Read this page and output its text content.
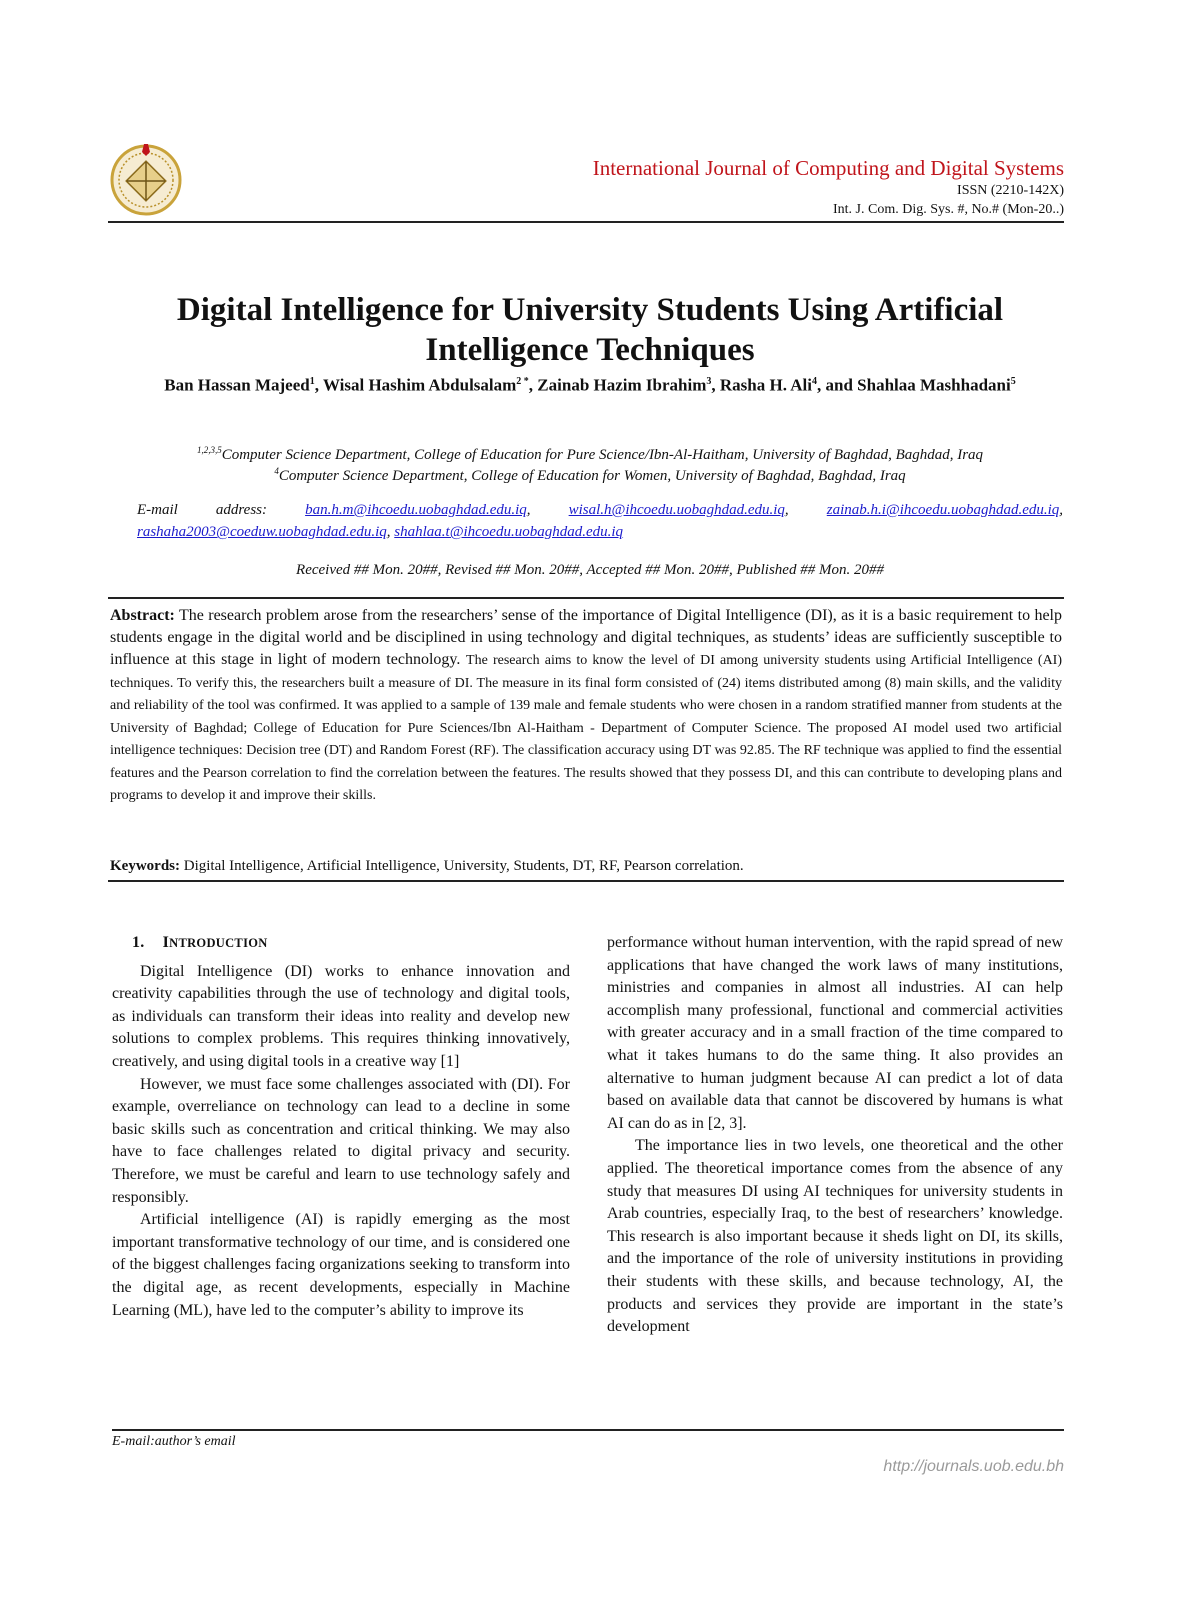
International Journal of Computing and Digital Systems
ISSN (2210-142X)
Int. J. Com. Dig. Sys. #, No.# (Mon-20..)
Digital Intelligence for University Students Using Artificial
Intelligence Techniques
Ban Hassan Majeed$^1$, Wisal Hashim Abdulsalam$^{2 *}$, Zainab Hazim Ibrahim$^3$, Rasha H. Ali$^4$, and Shahlaa Mashhadani$^5$
$^{1,2,3,5}$Computer Science Department, College of Education for Pure Science/Ibn-Al-Haitham, University of Baghdad, Baghdad, Iraq
$^4$Computer Science Department, College of Education for Women, University of Baghdad, Baghdad, Iraq
E-mail address:	ban.h.m@ihcoedu.uobaghdad.edu.iq, wisal.h@ihcoedu.uobaghdad.edu.iq, zainab.h.i@ihcoedu.uobaghdad.edu.iq, rashaha2003@coeduw.uobaghdad.edu.iq, shahlaa.t@ihcoedu.uobaghdad.edu.iq
Received ## Mon. 20##, Revised ## Mon. 20##, Accepted ## Mon. 20##, Published ## Mon. 20##
Abstract: The research problem arose from the researchers’ sense of the importance of Digital Intelligence (DI), as it is a basic requirement to help students engage in the digital world and be disciplined in using technology and digital techniques, as students’ ideas are sufficiently susceptible to influence at this stage in light of modern technology. The research aims to know the level of DI among university students using Artificial Intelligence (AI) techniques. To verify this, the researchers built a measure of DI. The measure in its final form consisted of (24) items distributed among (8) main skills, and the validity and reliability of the tool was confirmed. It was applied to a sample of 139 male and female students who were chosen in a random stratified manner from students at the University of Baghdad; College of Education for Pure Sciences/Ibn Al-Haitham - Department of Computer Science. The proposed AI model used two artificial intelligence techniques: Decision tree (DT) and Random Forest (RF). The classification accuracy using DT was 92.85. The RF technique was applied to find the essential features and the Pearson correlation to find the correlation between the features. The results showed that they possess DI, and this can contribute to developing plans and programs to develop it and improve their skills.
Keywords: Digital Intelligence, Artificial Intelligence, University, Students, DT, RF, Pearson correlation.
1. INTRODUCTION

Digital Intelligence (DI) works to enhance innovation and creativity capabilities through the use of technology and digital tools, as individuals can transform their ideas into reality and develop new solutions to complex problems. This requires thinking innovatively, creatively, and using digital tools in a creative way [1]

However, we must face some challenges associated with (DI). For example, overreliance on technology can lead to a decline in some basic skills such as concentration and critical thinking. We may also have to face challenges related to digital privacy and security. Therefore, we must be careful and learn to use technology safely and responsibly.

Artificial intelligence (AI) is rapidly emerging as the most important transformative technology of our time, and is considered one of the biggest challenges facing organizations seeking to transform into the digital age, as recent developments, especially in Machine Learning (ML), have led to the computer’s ability to improve its

performance without human intervention, with the rapid spread of new applications that have changed the work laws of many institutions, ministries and companies in almost all industries. AI can help accomplish many professional, functional and commercial activities with greater accuracy and in a small fraction of the time compared to what it takes humans to do the same thing. It also provides an alternative to human judgment because AI can predict a lot of data based on available data that cannot be discovered by humans is what AI can do as in [2, 3].

The importance lies in two levels, one theoretical and the other applied. The theoretical importance comes from the absence of any study that measures DI using AI techniques for university students in Arab countries, especially Iraq, to the best of researchers’ knowledge. This research is also important because it sheds light on DI, its skills, and the importance of the role of university institutions in providing their students with these skills, and because technology, AI, the products and services they provide are important in the state’s development

E-mail:author’s email
http://journals.uob.edu.bh
